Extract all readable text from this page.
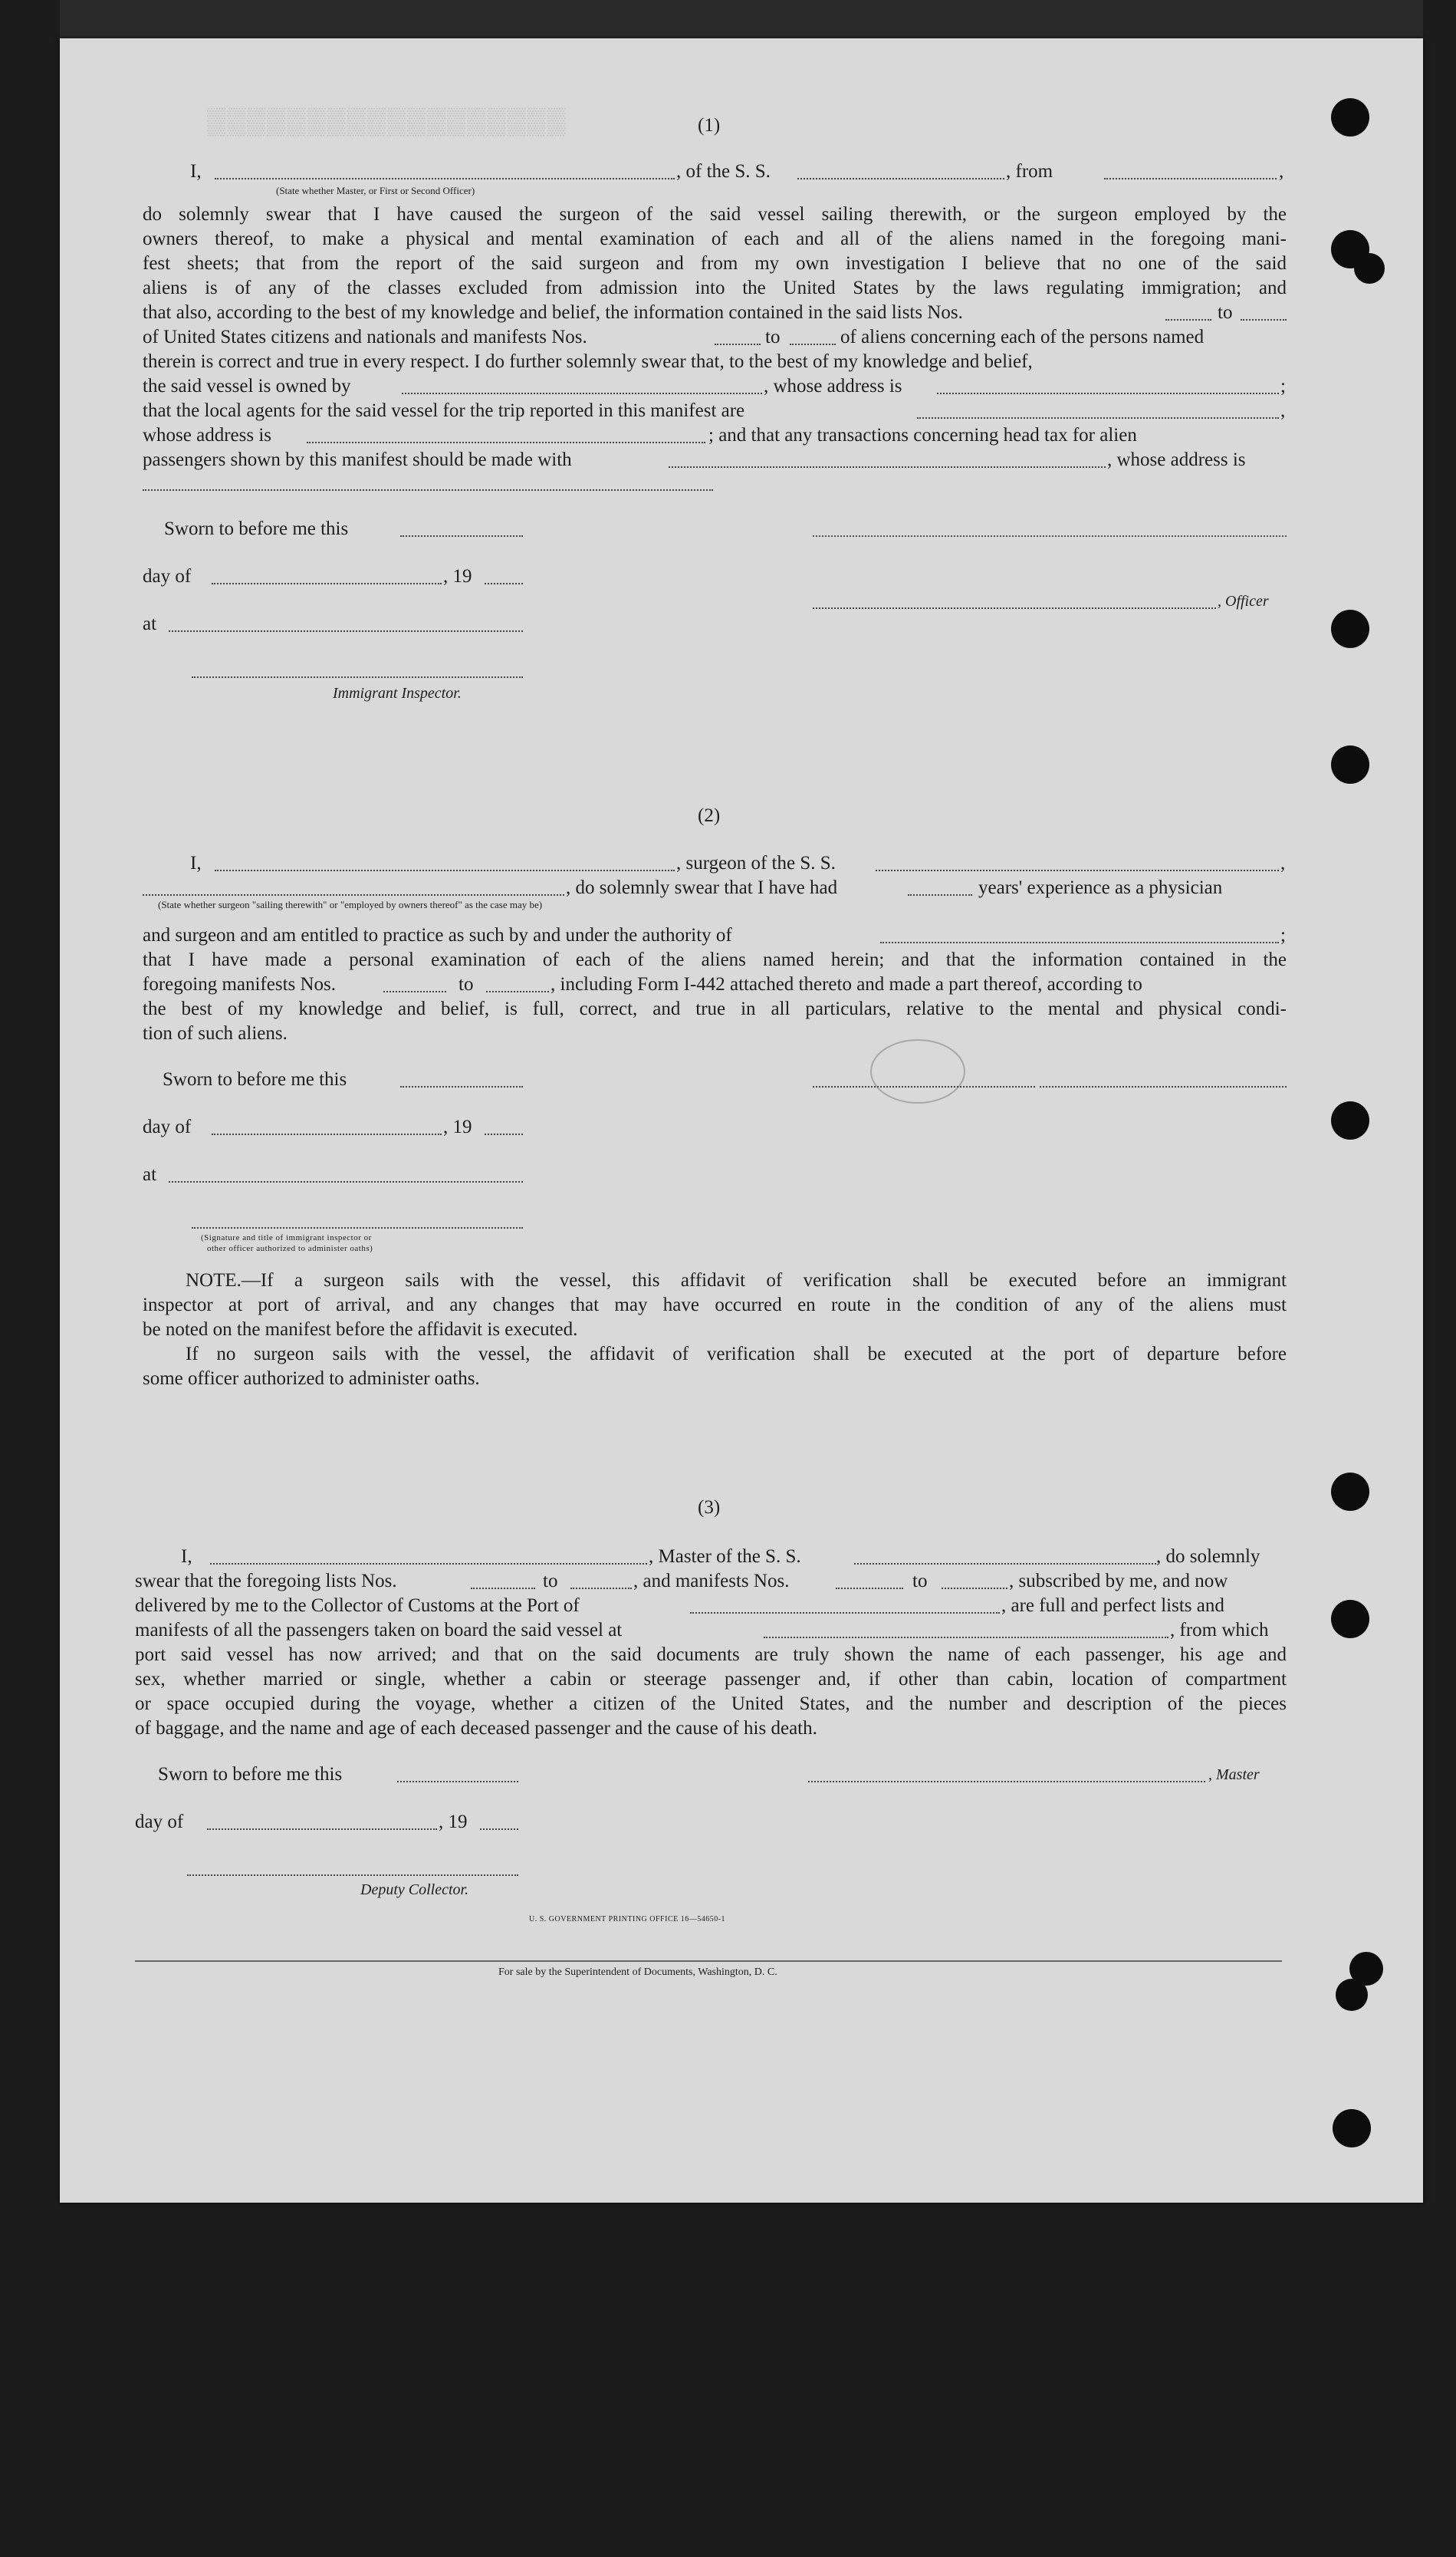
▒▒▒▒▒▒▒▒▒▒▒▒▒▒▒▒▒▒	(1)
I,	, of the S. S.	, from	,
(State whether Master, or First or Second Officer)
do solemnly swear that I have caused the surgeon of the said vessel sailing therewith, or the surgeon employed by the
owners thereof, to make a physical and mental examination of each and all of the aliens named in the foregoing mani-
fest sheets; that from the report of the said surgeon and from my own investigation I believe that no one of the said
aliens is of any of the classes excluded from admission into the United States by the laws regulating immigration; and
that also, according to the best of my knowledge and belief, the information contained in the said lists Nos.	to
of United States citizens and nationals and manifests Nos.	to	of aliens concerning each of the persons named
therein is correct and true in every respect. I do further solemnly swear that, to the best of my knowledge and belief,
the said vessel is owned by	, whose address is	;
that the local agents for the said vessel for the trip reported in this manifest are	,
whose address is	; and that any transactions concerning head tax for alien
passengers shown by this manifest should be made with	, whose address is
Sworn to before me this
day of	, 19
, Officer
at
Immigrant Inspector.
(2)
I,	, surgeon of the S. S.	,
, do solemnly swear that I have had	years' experience as a physician
(State whether surgeon "sailing therewith" or "employed by owners thereof" as the case may be)
and surgeon and am entitled to practice as such by and under the authority of	;
that I have made a personal examination of each of the aliens named herein; and that the information contained in the
foregoing manifests Nos.	to	, including Form I-442 attached thereto and made a part thereof, according to
the best of my knowledge and belief, is full, correct, and true in all particulars, relative to the mental and physical condi-
tion of such aliens.
Sworn to before me this
day of	, 19
at
(Signature and title of immigrant inspector or
other officer authorized to administer oaths)
NOTE.—If a surgeon sails with the vessel, this affidavit of verification shall be executed before an immigrant
inspector at port of arrival, and any changes that may have occurred en route in the condition of any of the aliens must
be noted on the manifest before the affidavit is executed.
If no surgeon sails with the vessel, the affidavit of verification shall be executed at the port of departure before
some officer authorized to administer oaths.
(3)
I,	, Master of the S. S.	, do solemnly
swear that the foregoing lists Nos.	to	, and manifests Nos.	to	, subscribed by me, and now
delivered by me to the Collector of Customs at the Port of	, are full and perfect lists and
manifests of all the passengers taken on board the said vessel at	, from which
port said vessel has now arrived; and that on the said documents are truly shown the name of each passenger, his age and
sex, whether married or single, whether a cabin or steerage passenger and, if other than cabin, location of compartment
or space occupied during the voyage, whether a citizen of the United States, and the number and description of the pieces
of baggage, and the name and age of each deceased passenger and the cause of his death.
Sworn to before me this	, Master
day of	, 19
Deputy Collector.
U. S. GOVERNMENT PRINTING OFFICE 16—54650-1
For sale by the Superintendent of Documents, Washington, D. C.
